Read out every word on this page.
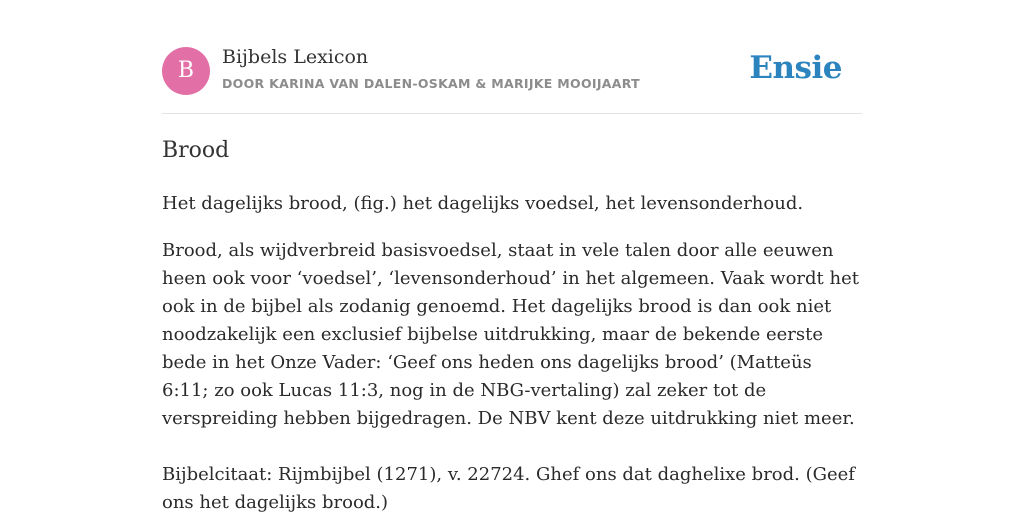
B
Bijbels Lexicon
DOOR KARINA VAN DALEN-OSKAM & MARIJKE MOOIJAART	Ensie
Brood

Het dagelijks brood, (fig.) het dagelijks voedsel, het levensonderhoud.

Brood, als wijdverbreid basisvoedsel, staat in vele talen door alle eeuwen heen ook voor ‘voedsel’, ‘levensonderhoud’ in het algemeen. Vaak wordt het ook in de bijbel als zodanig genoemd. Het dagelijks brood is dan ook niet noodzakelijk een exclusief bijbelse uitdrukking, maar de bekende eerste bede in het Onze Vader: ‘Geef ons heden ons dagelijks brood’ (Matteüs 6:11; zo ook Lucas 11:3, nog in de NBG-vertaling) zal zeker tot de verspreiding hebben bijgedragen. De NBV kent deze uitdrukking niet meer.

Bijbelcitaat: Rijmbijbel (1271), v. 22724. Ghef ons dat daghelixe brod. (Geef ons het dagelijks brood.)
